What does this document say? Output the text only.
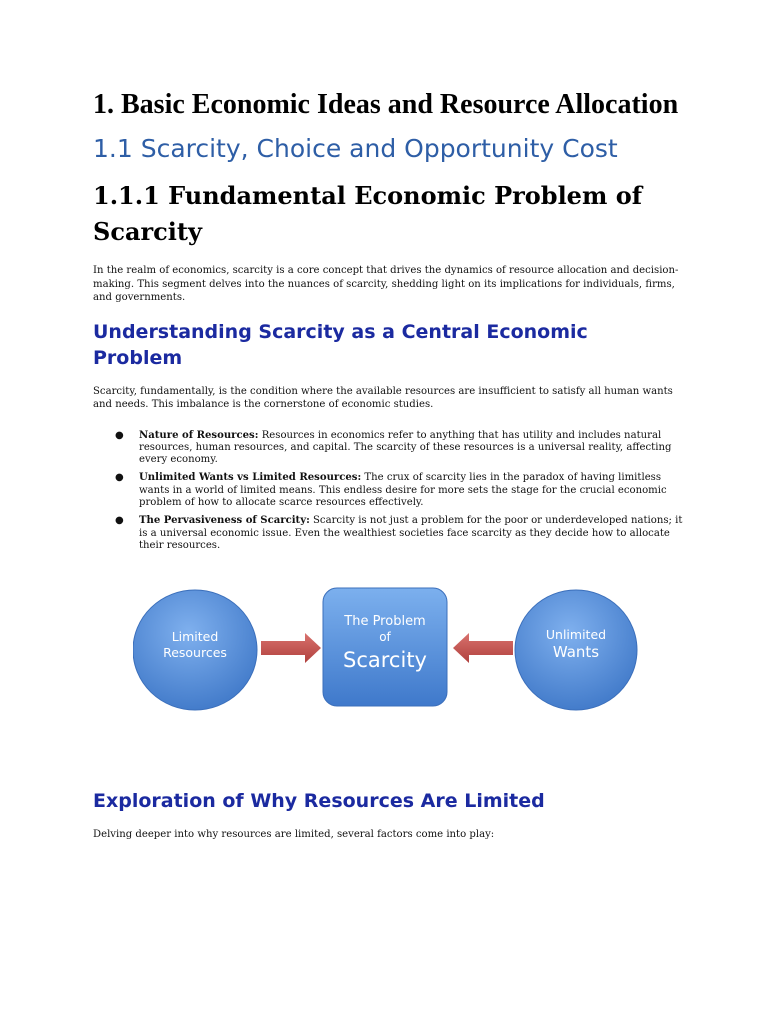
1. Basic Economic Ideas and Resource Allocation
1.1 Scarcity, Choice and Opportunity Cost
1.1.1 Fundamental Economic Problem of Scarcity

In the realm of economics, scarcity is a core concept that drives the dynamics of resource allocation and decision-making. This segment delves into the nuances of scarcity, shedding light on its implications for individuals, firms, and governments.

Understanding Scarcity as a Central Economic Problem

Scarcity, fundamentally, is the condition where the available resources are insufficient to satisfy all human wants and needs. This imbalance is the cornerstone of economic studies.

● Nature of Resources: Resources in economics refer to anything that has utility and includes natural resources, human resources, and capital. The scarcity of these resources is a universal reality, affecting every economy.
● Unlimited Wants vs Limited Resources: The crux of scarcity lies in the paradox of having limitless wants in a world of limited means. This endless desire for more sets the stage for the crucial economic problem of how to allocate scarce resources effectively.
● The Pervasiveness of Scarcity: Scarcity is not just a problem for the poor or underdeveloped nations; it is a universal economic issue. Even the wealthiest societies face scarcity as they decide how to allocate their resources.
Limited
Resources
The Problem
of
Scarcity
Unlimited
Wants
Exploration of Why Resources Are Limited

Delving deeper into why resources are limited, several factors come into play:
